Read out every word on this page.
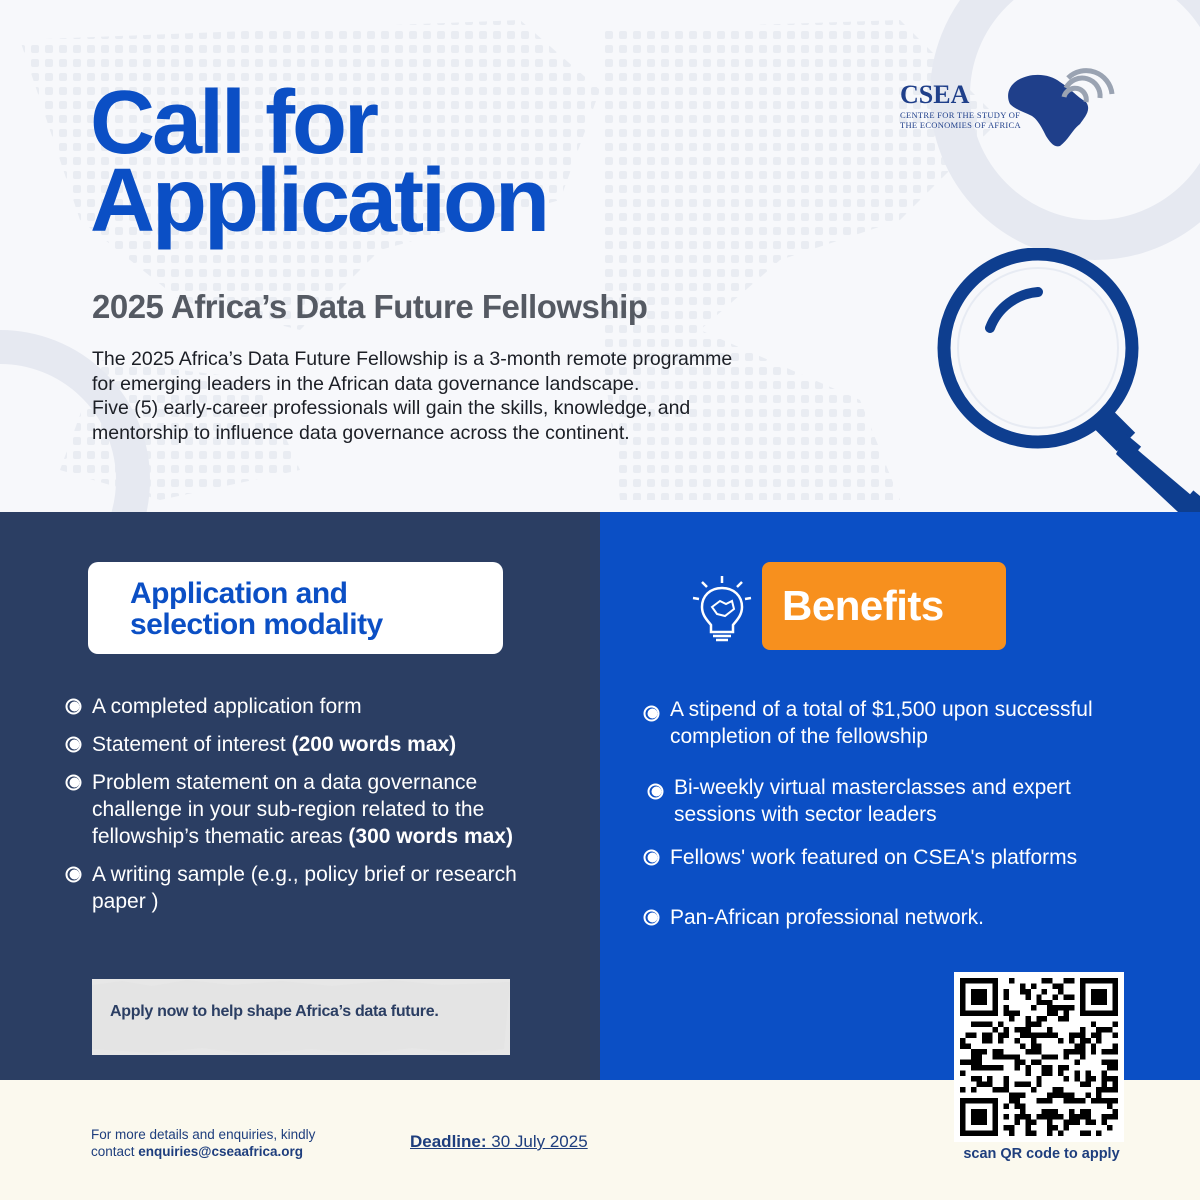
Call for
Application
2025 Africa’s Data Future Fellowship
The 2025 Africa’s Data Future Fellowship is a 3-month remote programme
for emerging leaders in the African data governance landscape.
Five (5) early-career professionals will gain the skills, knowledge, and
mentorship to influence data governance across the continent.
CSEA
CENTRE FOR THE STUDY OF
THE ECONOMIES OF AFRICA
Application and
selection modality
A completed application form
Statement of interest (200 words max)
Problem statement on a data governance challenge in your sub-region related to the fellowship’s thematic areas (300 words max)
A writing sample (e.g., policy brief or research paper )
Apply now to help shape Africa’s data future.
Benefits
A stipend of a total of $1,500 upon successful completion of the fellowship
Bi-weekly virtual masterclasses and expert sessions with sector leaders
Fellows' work featured on CSEA's platforms
Pan-African professional network.
For more details and enquiries, kindly
contact enquiries@cseaafrica.org
Deadline: 30 July 2025
scan QR code to apply
